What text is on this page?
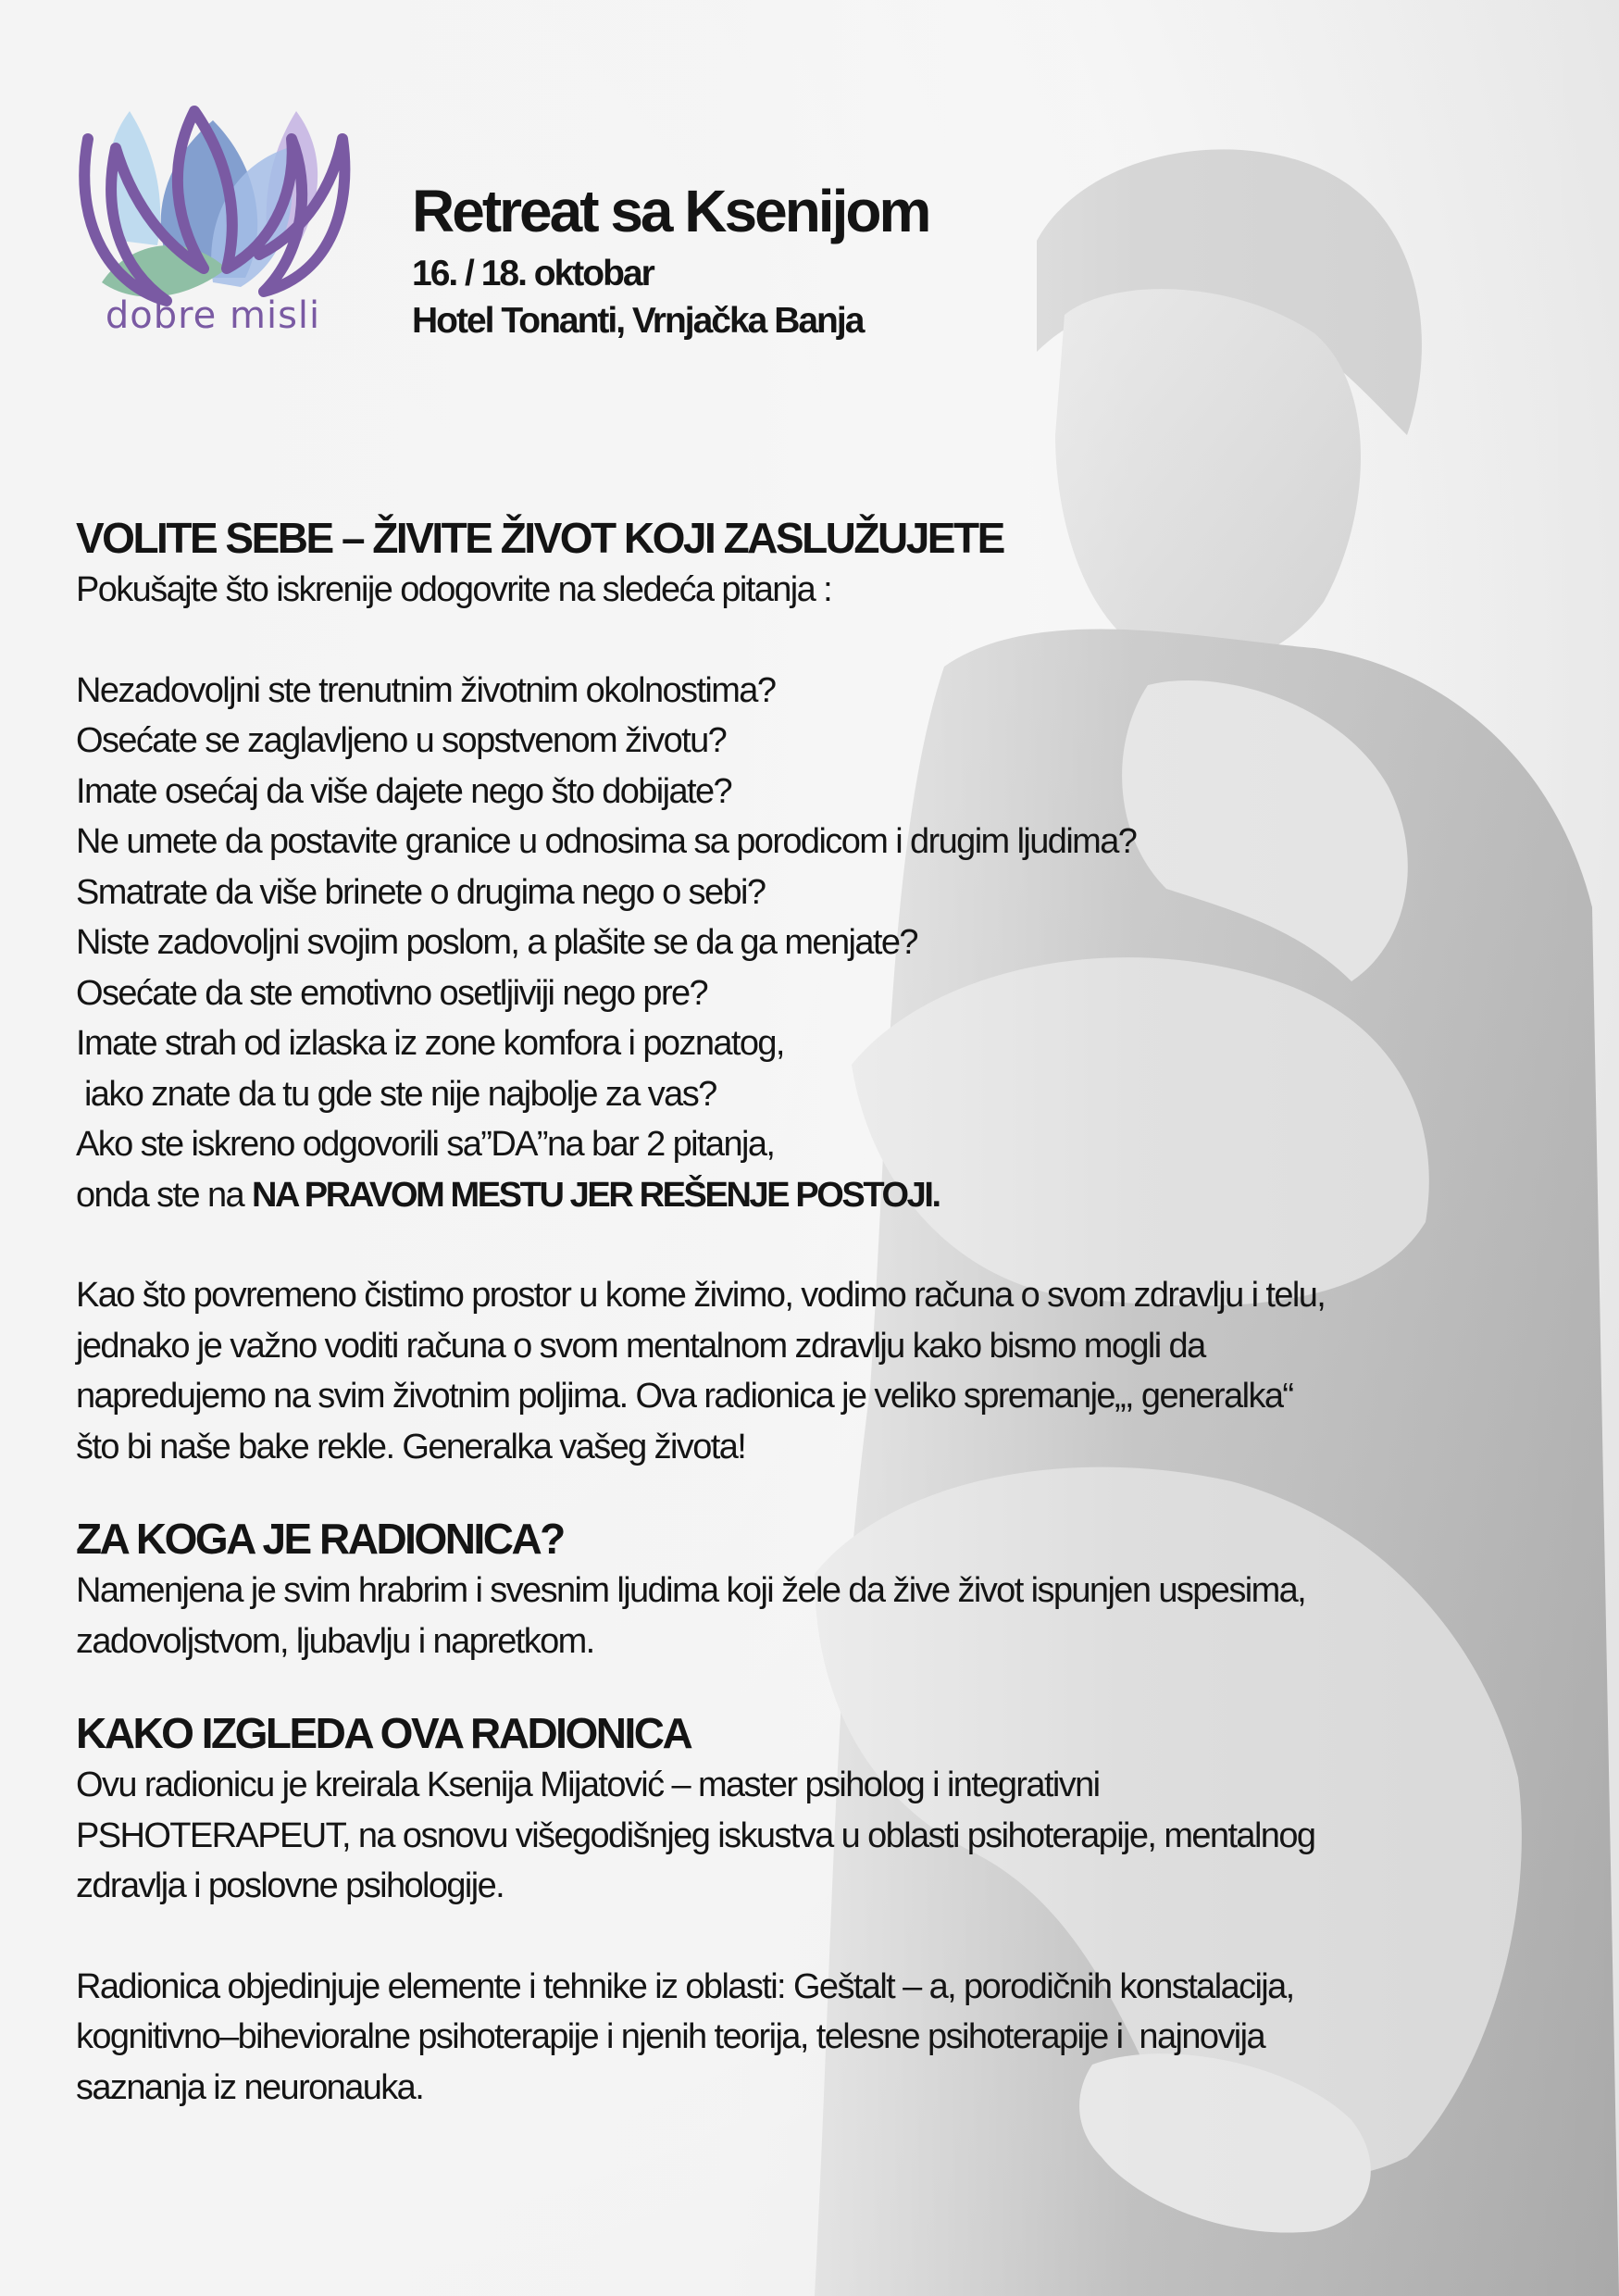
dobre misli
Retreat sa Ksenijom
16. / 18. oktobar
Hotel Tonanti, Vrnjačka Banja
VOLITE SEBE – ŽIVITE ŽIVOT KOJI ZASLUŽUJETE
Pokušajte što iskrenije odogovrite na sledeća pitanja :
Nezadovoljni ste trenutnim životnim okolnostima?
Osećate se zaglavljeno u sopstvenom životu?
Imate osećaj da više dajete nego što dobijate?
Ne umete da postavite granice u odnosima sa porodicom i drugim ljudima?
Smatrate da više brinete o drugima nego o sebi?
Niste zadovoljni svojim poslom, a plašite se da ga menjate?
Osećate da ste emotivno osetljiviji nego pre?
Imate strah od izlaska iz zone komfora i poznatog,
iako znate da tu gde ste nije najbolje za vas?
Ako ste iskreno odgovorili sa”DA”na bar 2 pitanja,
onda ste na NA PRAVOM MESTU JER REŠENJE POSTOJI.
Kao što povremeno čistimo prostor u kome živimo, vodimo računa o svom zdravlju i telu,
jednako je važno voditi računa o svom mentalnom zdravlju kako bismo mogli da
napredujemo na svim životnim poljima. Ova radionica je veliko spremanje„, generalka“
što bi naše bake rekle. Generalka vašeg života!
ZA KOGA JE RADIONICA?
Namenjena je svim hrabrim i svesnim ljudima koji žele da žive život ispunjen uspesima,
zadovoljstvom, ljubavlju i napretkom.
KAKO IZGLEDA OVA RADIONICA
Ovu radionicu je kreirala Ksenija Mijatović – master psiholog i integrativni
PSHOTERAPEUT, na osnovu višegodišnjeg iskustva u oblasti psihoterapije, mentalnog
zdravlja i poslovne psihologije.
Radionica objedinjuje elemente i tehnike iz oblasti: Geštalt – a, porodičnih konstalacija,
kognitivno–bihevioralne psihoterapije i njenih teorija, telesne psihoterapije i  najnovija
saznanja iz neuronauka.
